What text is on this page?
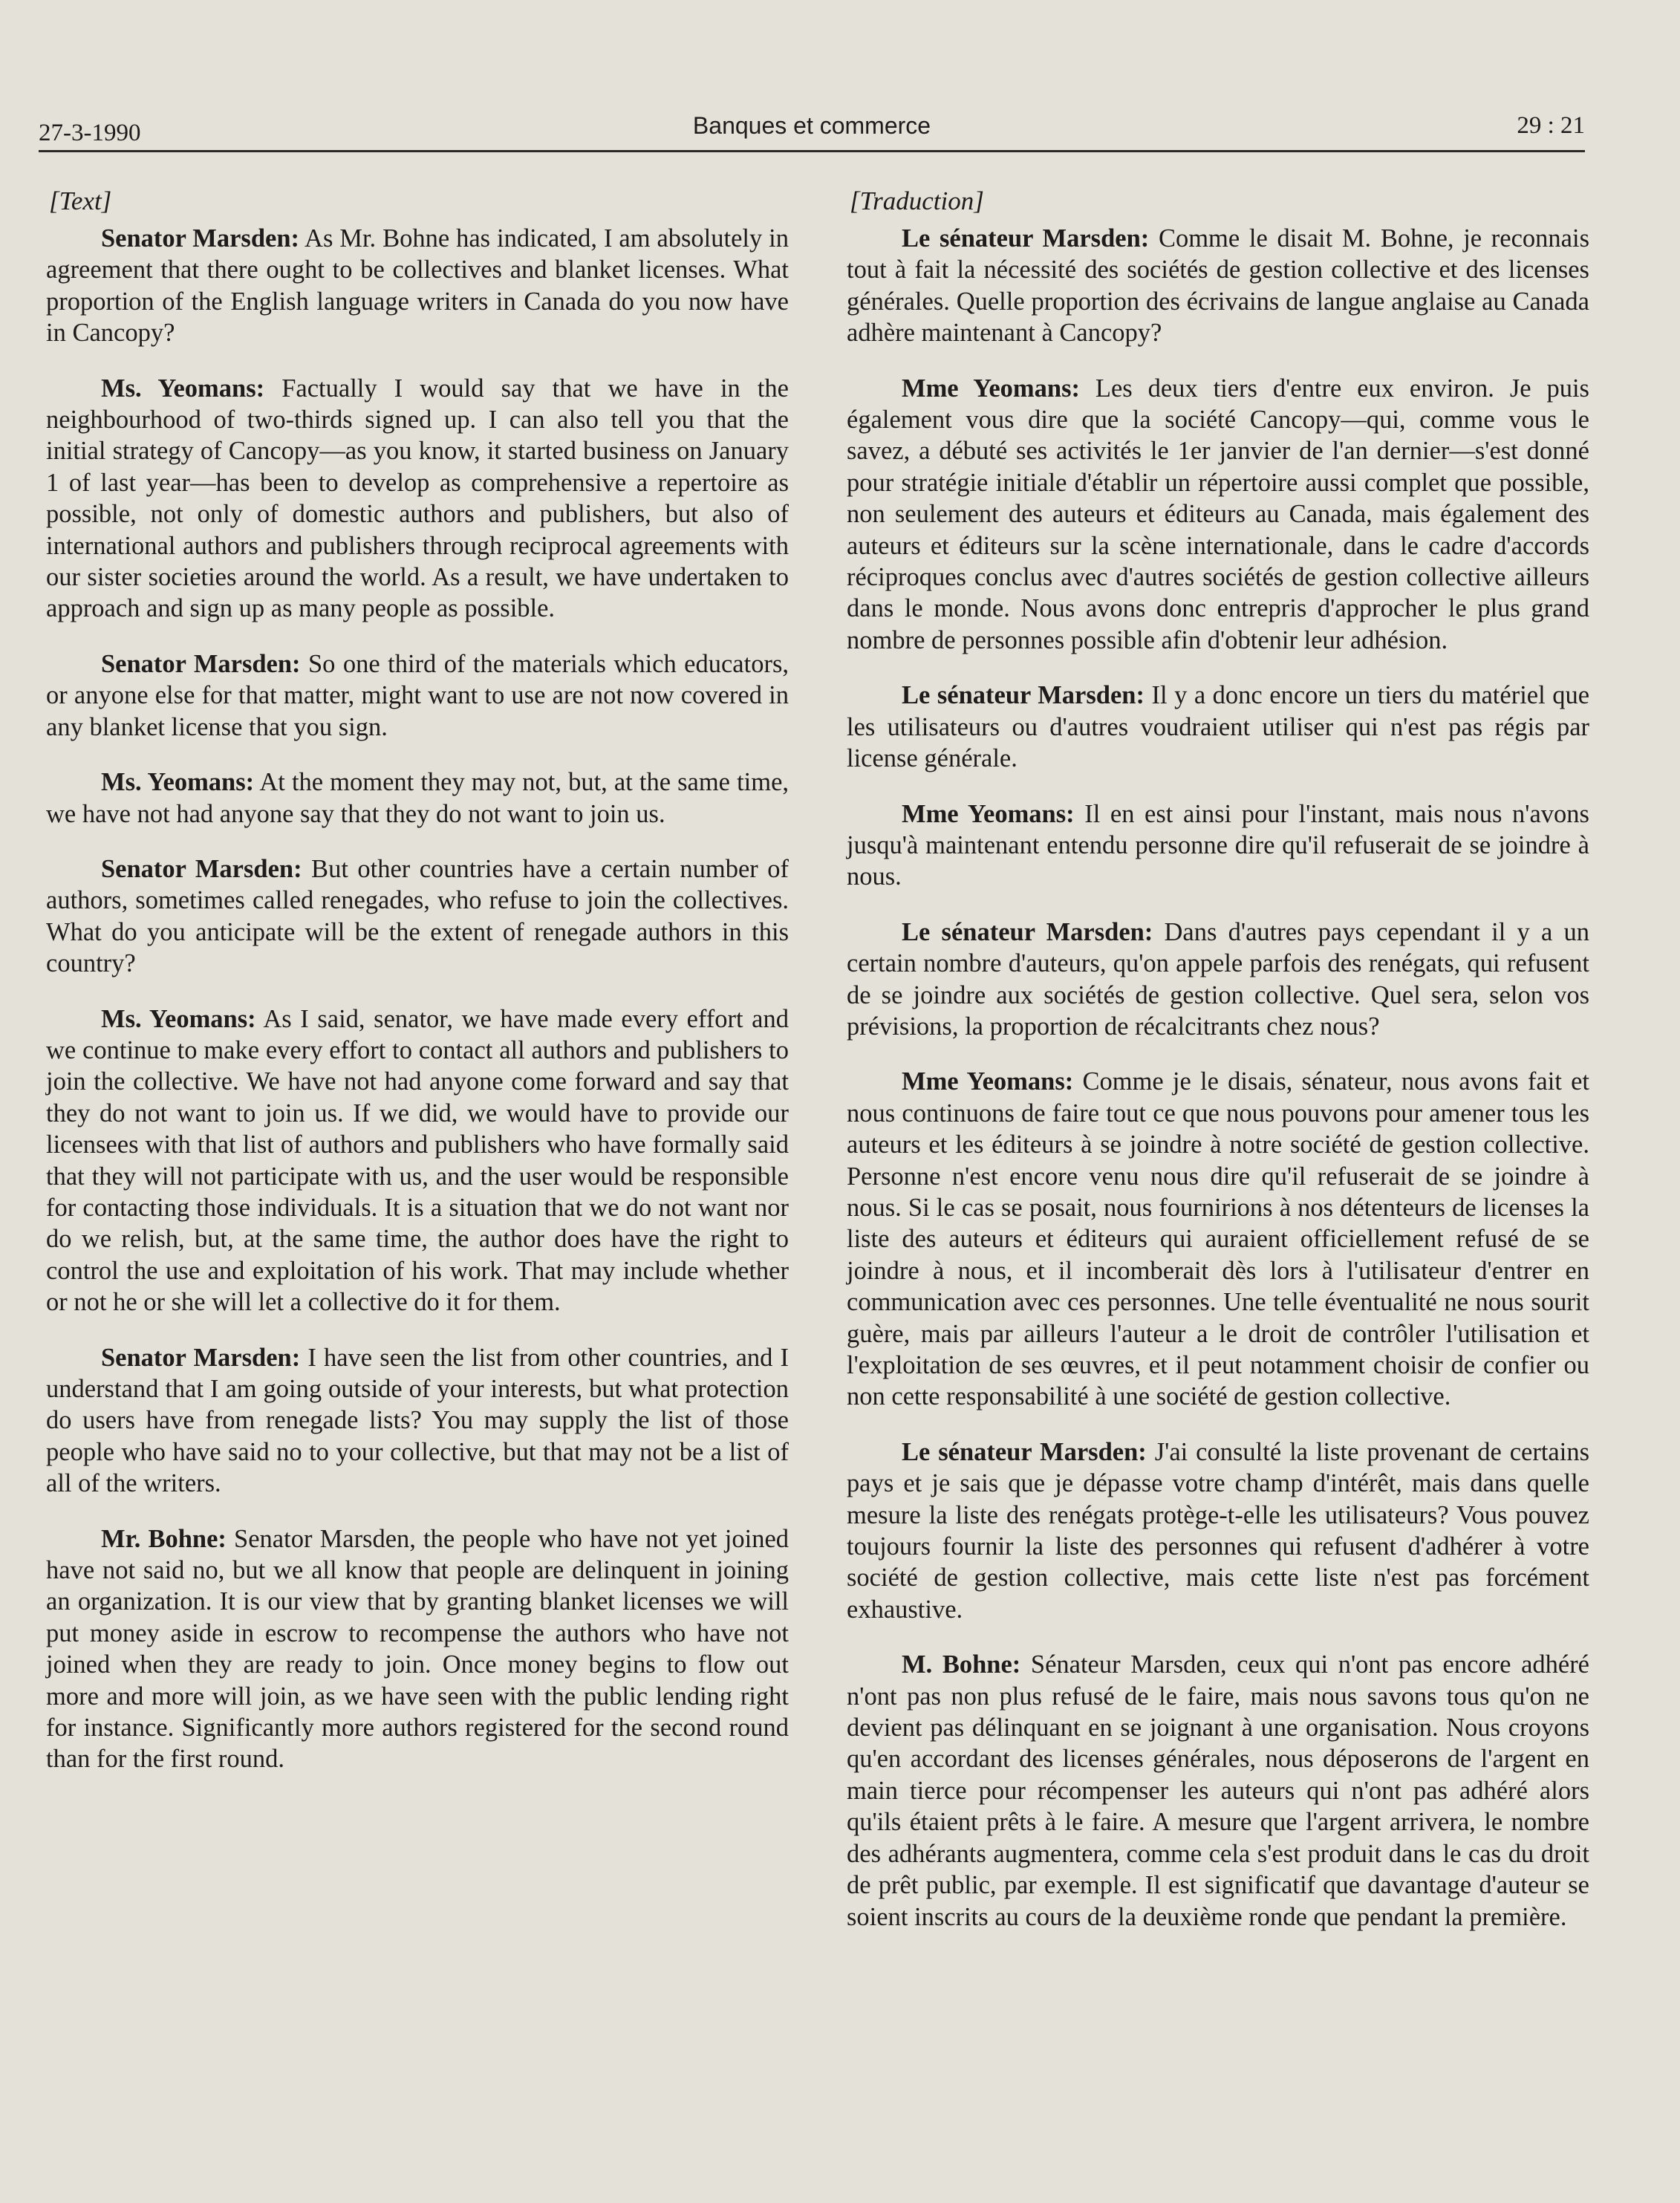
27-3-1990	Banques et commerce	29 : 21
[Text]

Senator Marsden: As Mr. Bohne has indicated, I am absolutely in agreement that there ought to be collectives and blanket licenses. What proportion of the English language writers in Canada do you now have in Cancopy?

Ms. Yeomans: Factually I would say that we have in the neighbourhood of two-thirds signed up. I can also tell you that the initial strategy of Cancopy—as you know, it started business on January 1 of last year—has been to develop as comprehensive a repertoire as possible, not only of domestic authors and publishers, but also of international authors and publishers through reciprocal agreements with our sister societies around the world. As a result, we have undertaken to approach and sign up as many people as possible.

Senator Marsden: So one third of the materials which educators, or anyone else for that matter, might want to use are not now covered in any blanket license that you sign.

Ms. Yeomans: At the moment they may not, but, at the same time, we have not had anyone say that they do not want to join us.

Senator Marsden: But other countries have a certain number of authors, sometimes called renegades, who refuse to join the collectives. What do you anticipate will be the extent of renegade authors in this country?

Ms. Yeomans: As I said, senator, we have made every effort and we continue to make every effort to contact all authors and publishers to join the collective. We have not had anyone come forward and say that they do not want to join us. If we did, we would have to provide our licensees with that list of authors and publishers who have formally said that they will not participate with us, and the user would be responsible for contacting those individuals. It is a situation that we do not want nor do we relish, but, at the same time, the author does have the right to control the use and exploitation of his work. That may include whether or not he or she will let a collective do it for them.

Senator Marsden: I have seen the list from other countries, and I understand that I am going outside of your interests, but what protection do users have from renegade lists? You may supply the list of those people who have said no to your collective, but that may not be a list of all of the writers.

Mr. Bohne: Senator Marsden, the people who have not yet joined have not said no, but we all know that people are delinquent in joining an organization. It is our view that by granting blanket licenses we will put money aside in escrow to recompense the authors who have not joined when they are ready to join. Once money begins to flow out more and more will join, as we have seen with the public lending right for instance. Significantly more authors registered for the second round than for the first round.

[Traduction]

Le sénateur Marsden: Comme le disait M. Bohne, je reconnais tout à fait la nécessité des sociétés de gestion collective et des licenses générales. Quelle proportion des écrivains de langue anglaise au Canada adhère maintenant à Cancopy?

Mme Yeomans: Les deux tiers d'entre eux environ. Je puis également vous dire que la société Cancopy—qui, comme vous le savez, a débuté ses activités le 1er janvier de l'an dernier—s'est donné pour stratégie initiale d'établir un répertoire aussi complet que possible, non seulement des auteurs et éditeurs au Canada, mais également des auteurs et éditeurs sur la scène internationale, dans le cadre d'accords réciproques conclus avec d'autres sociétés de gestion collective ailleurs dans le monde. Nous avons donc entrepris d'approcher le plus grand nombre de personnes possible afin d'obtenir leur adhésion.

Le sénateur Marsden: Il y a donc encore un tiers du matériel que les utilisateurs ou d'autres voudraient utiliser qui n'est pas régis par license générale.

Mme Yeomans: Il en est ainsi pour l'instant, mais nous n'avons jusqu'à maintenant entendu personne dire qu'il refuserait de se joindre à nous.

Le sénateur Marsden: Dans d'autres pays cependant il y a un certain nombre d'auteurs, qu'on appele parfois des renégats, qui refusent de se joindre aux sociétés de gestion collective. Quel sera, selon vos prévisions, la proportion de récalcitrants chez nous?

Mme Yeomans: Comme je le disais, sénateur, nous avons fait et nous continuons de faire tout ce que nous pouvons pour amener tous les auteurs et les éditeurs à se joindre à notre société de gestion collective. Personne n'est encore venu nous dire qu'il refuserait de se joindre à nous. Si le cas se posait, nous fournirions à nos détenteurs de licenses la liste des auteurs et éditeurs qui auraient officiellement refusé de se joindre à nous, et il incomberait dès lors à l'utilisateur d'entrer en communication avec ces personnes. Une telle éventualité ne nous sourit guère, mais par ailleurs l'auteur a le droit de contrôler l'utilisation et l'exploitation de ses œuvres, et il peut notamment choisir de confier ou non cette responsabilité à une société de gestion collective.

Le sénateur Marsden: J'ai consulté la liste provenant de certains pays et je sais que je dépasse votre champ d'intérêt, mais dans quelle mesure la liste des renégats protège-t-elle les utilisateurs? Vous pouvez toujours fournir la liste des personnes qui refusent d'adhérer à votre société de gestion collective, mais cette liste n'est pas forcément exhaustive.

M. Bohne: Sénateur Marsden, ceux qui n'ont pas encore adhéré n'ont pas non plus refusé de le faire, mais nous savons tous qu'on ne devient pas délinquant en se joignant à une organisation. Nous croyons qu'en accordant des licenses générales, nous déposerons de l'argent en main tierce pour récompenser les auteurs qui n'ont pas adhéré alors qu'ils étaient prêts à le faire. A mesure que l'argent arrivera, le nombre des adhérants augmentera, comme cela s'est produit dans le cas du droit de prêt public, par exemple. Il est significatif que davantage d'auteur se soient inscrits au cours de la deuxième ronde que pendant la première.
